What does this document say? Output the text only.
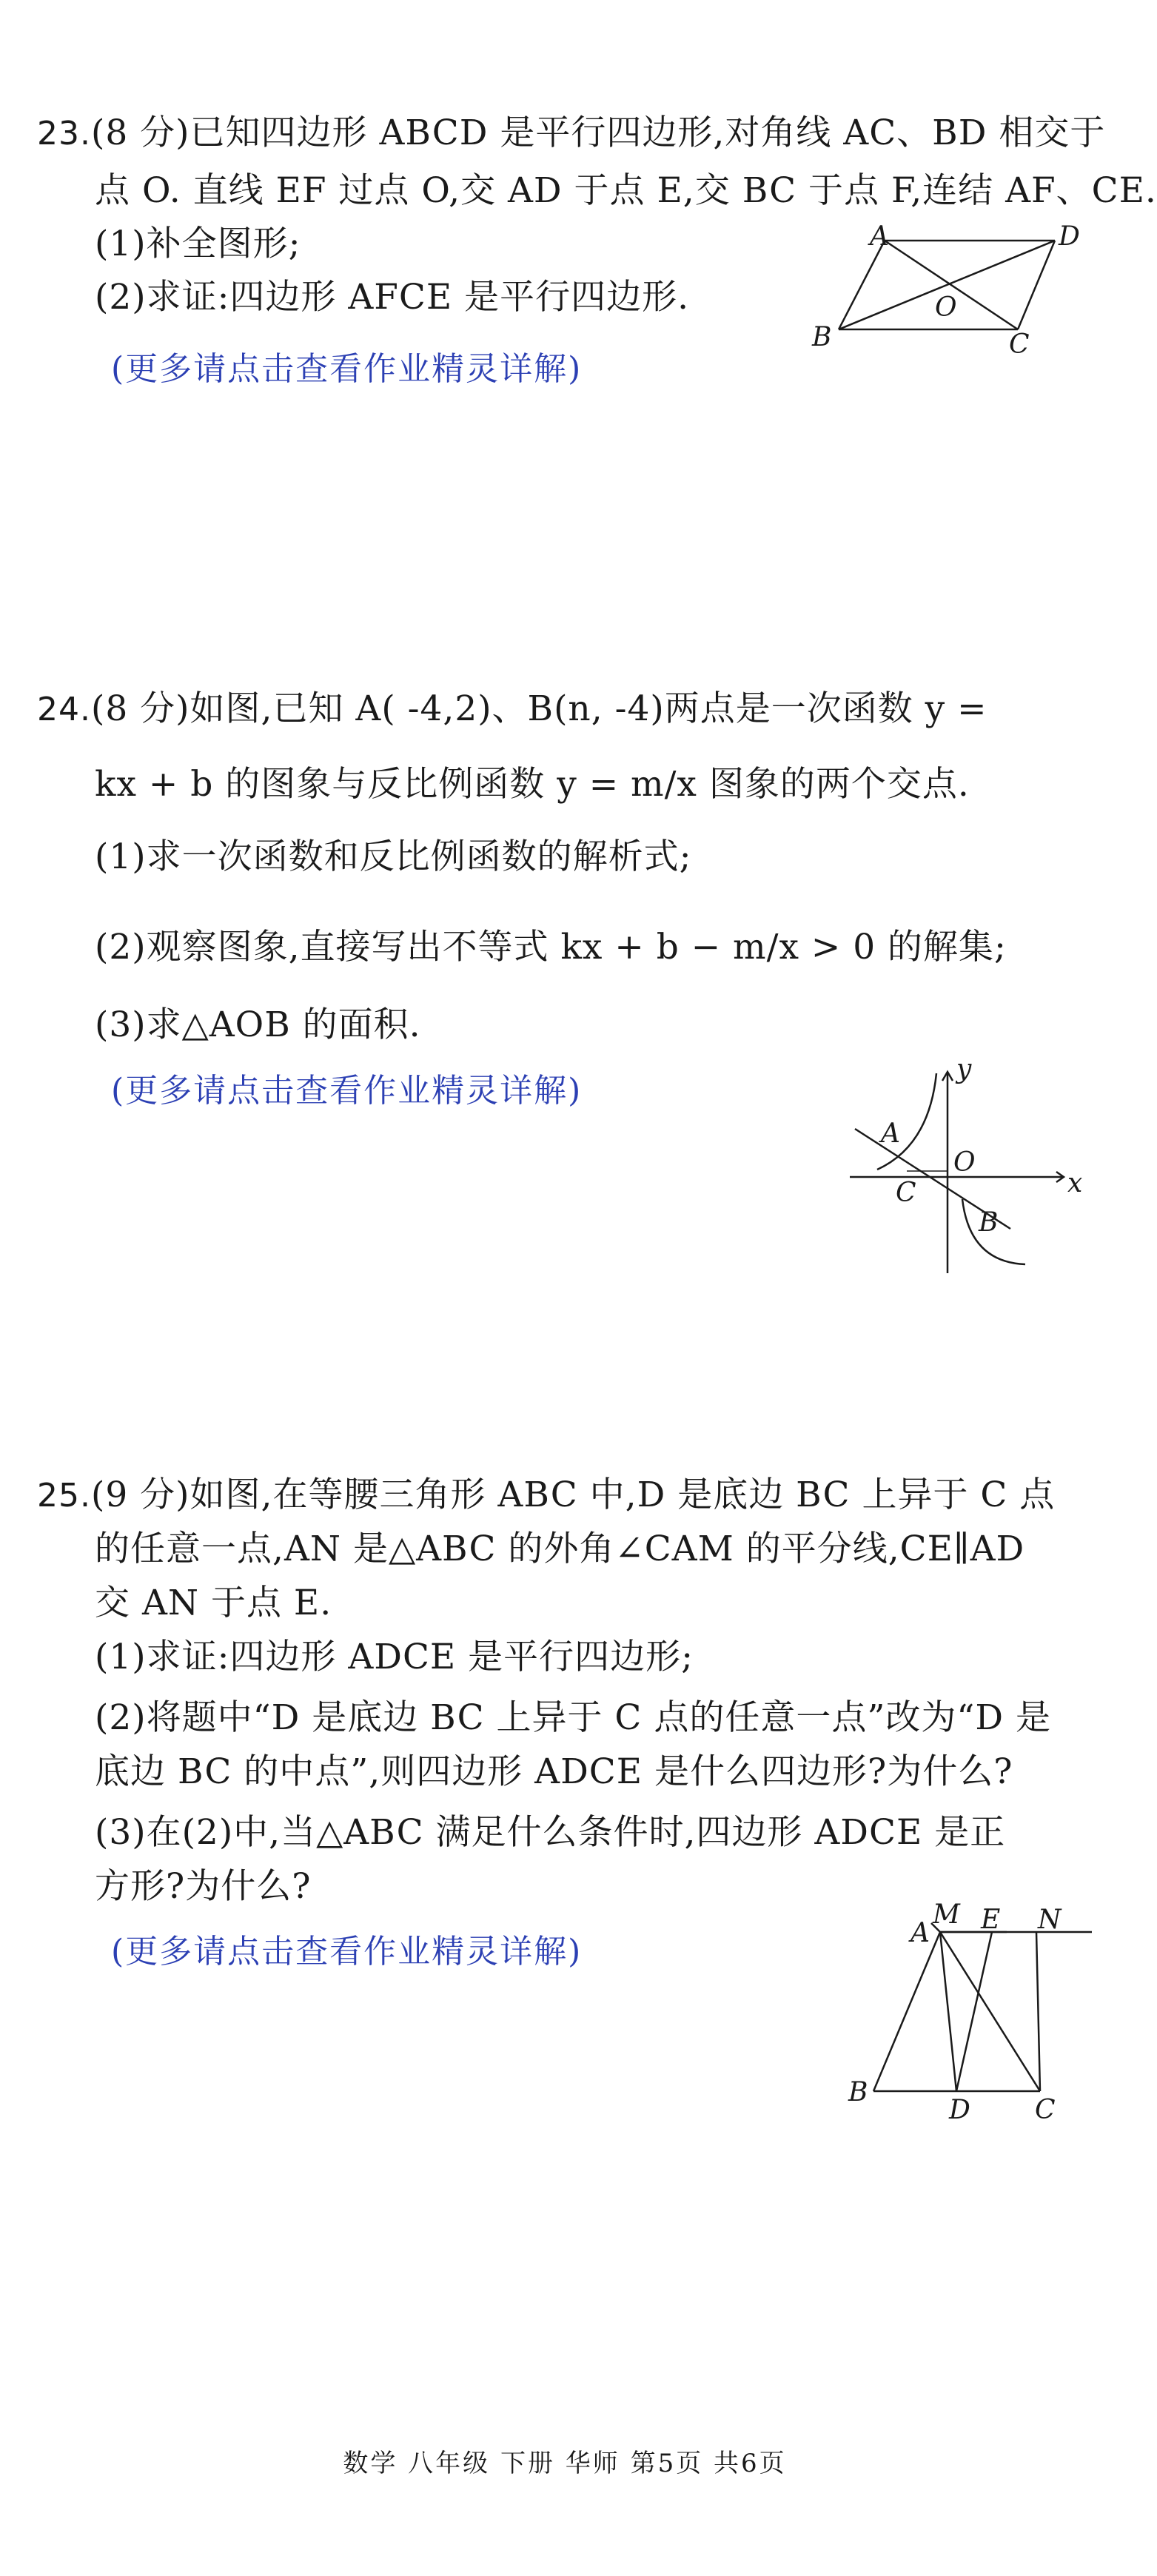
23.(8 分)已知四边形 ABCD 是平行四边形,对角线 AC、BD 相交于
点 O. 直线 EF 过点 O,交 AD 于点 E,交 BC 于点 F,连结 AF、CE.
(1)补全图形;
(2)求证:四边形 AFCE 是平行四边形.
(更多请点击查看作业精灵详解)
A	D
B	C
O
24.(8 分)如图,已知 A( -4,2)、B(n, -4)两点是一次函数 y =
kx + b 的图象与反比例函数 y = m/x 图象的两个交点.
(1)求一次函数和反比例函数的解析式;
(2)观察图象,直接写出不等式 kx + b − m/x > 0 的解集;
(3)求△AOB 的面积.
(更多请点击查看作业精灵详解)
y
x
A
O
C
B
25.(9 分)如图,在等腰三角形 ABC 中,D 是底边 BC 上异于 C 点
的任意一点,AN 是△ABC 的外角∠CAM 的平分线,CE∥AD
交 AN 于点 E.
(1)求证:四边形 ADCE 是平行四边形;
(2)将题中“D 是底边 BC 上异于 C 点的任意一点”改为“D 是
底边 BC 的中点”,则四边形 ADCE 是什么四边形?为什么?
(3)在(2)中,当△ABC 满足什么条件时,四边形 ADCE 是正
方形?为什么?
(更多请点击查看作业精灵详解)
M
A E N
B
D C
数学 八年级 下册 华师 第5页 共6页
